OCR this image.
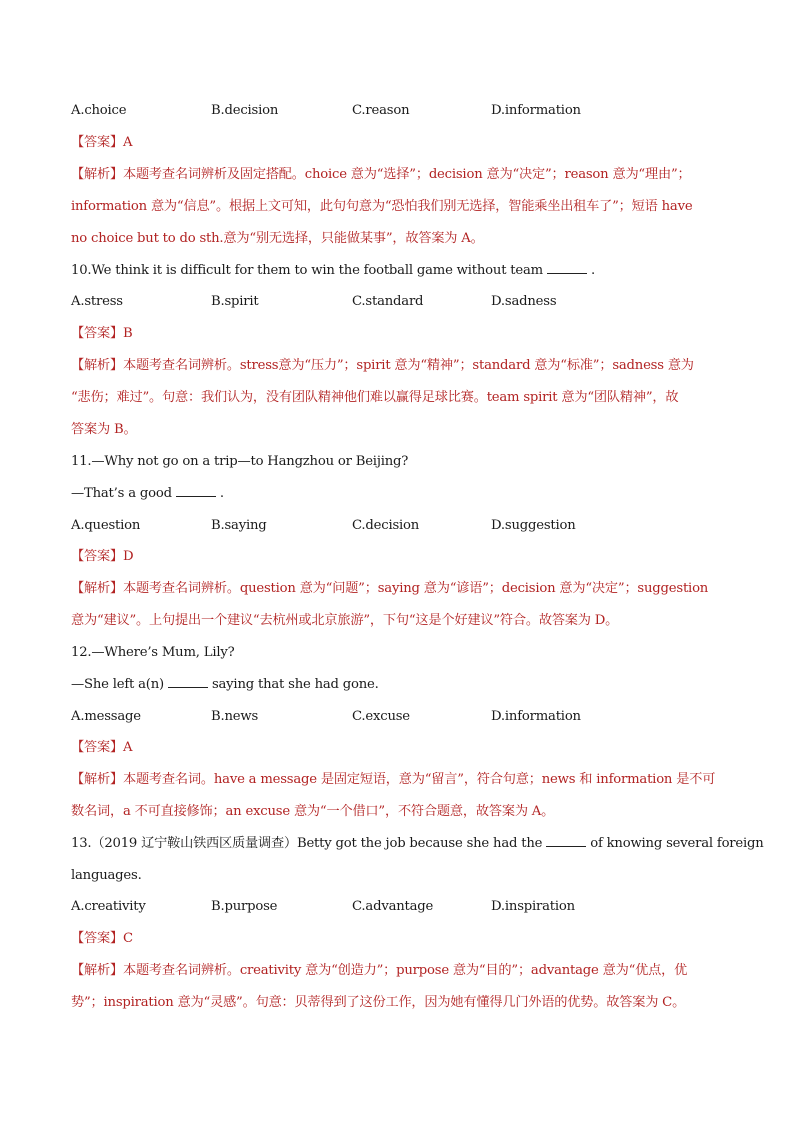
A.choice	B.decision	C.reason	D.information
【答案】A
【解析】本题考查名词辨析及固定搭配。choice 意为“选择”；decision 意为“决定”；reason 意为“理由”；
information 意为“信息”。根据上文可知，此句句意为“恐怕我们别无选择，智能乘坐出租车了”；短语 have
no choice but to do sth.意为“别无选择，只能做某事”，故答案为 A。
10.We think it is difficult for them to win the football game without team	.
A.stress	B.spirit	C.standard	D.sadness
【答案】B
【解析】本题考查名词辨析。stress意为“压力”；spirit 意为“精神”；standard 意为“标准”；sadness 意为
“悲伤；难过”。句意：我们认为，没有团队精神他们难以赢得足球比赛。team spirit 意为“团队精神”，故
答案为 B。
11.—Why not go on a trip—to Hangzhou or Beijing?
—That’s a good	.
A.question	B.saying	C.decision	D.suggestion
【答案】D
【解析】本题考查名词辨析。question 意为“问题”；saying 意为“谚语”；decision 意为“决定”；suggestion
意为“建议”。上句提出一个建议“去杭州或北京旅游”，下句“这是个好建议”符合。故答案为 D。
12.—Where’s Mum, Lily?
—She left a(n)	saying that she had gone.
A.message	B.news	C.excuse	D.information
【答案】A
【解析】本题考查名词。have a message 是固定短语，意为“留言”，符合句意；news 和 information 是不可
数名词，a 不可直接修饰；an excuse 意为“一个借口”，不符合题意，故答案为 A。
13.（2019 辽宁鞍山铁西区质量调查）Betty got the job because she had the	of knowing several foreign
languages.
A.creativity	B.purpose	C.advantage	D.inspiration
【答案】C
【解析】本题考查名词辨析。creativity 意为“创造力”；purpose 意为“目的”；advantage 意为“优点，优
势”；inspiration 意为“灵感”。句意：贝蒂得到了这份工作，因为她有懂得几门外语的优势。故答案为 C。
